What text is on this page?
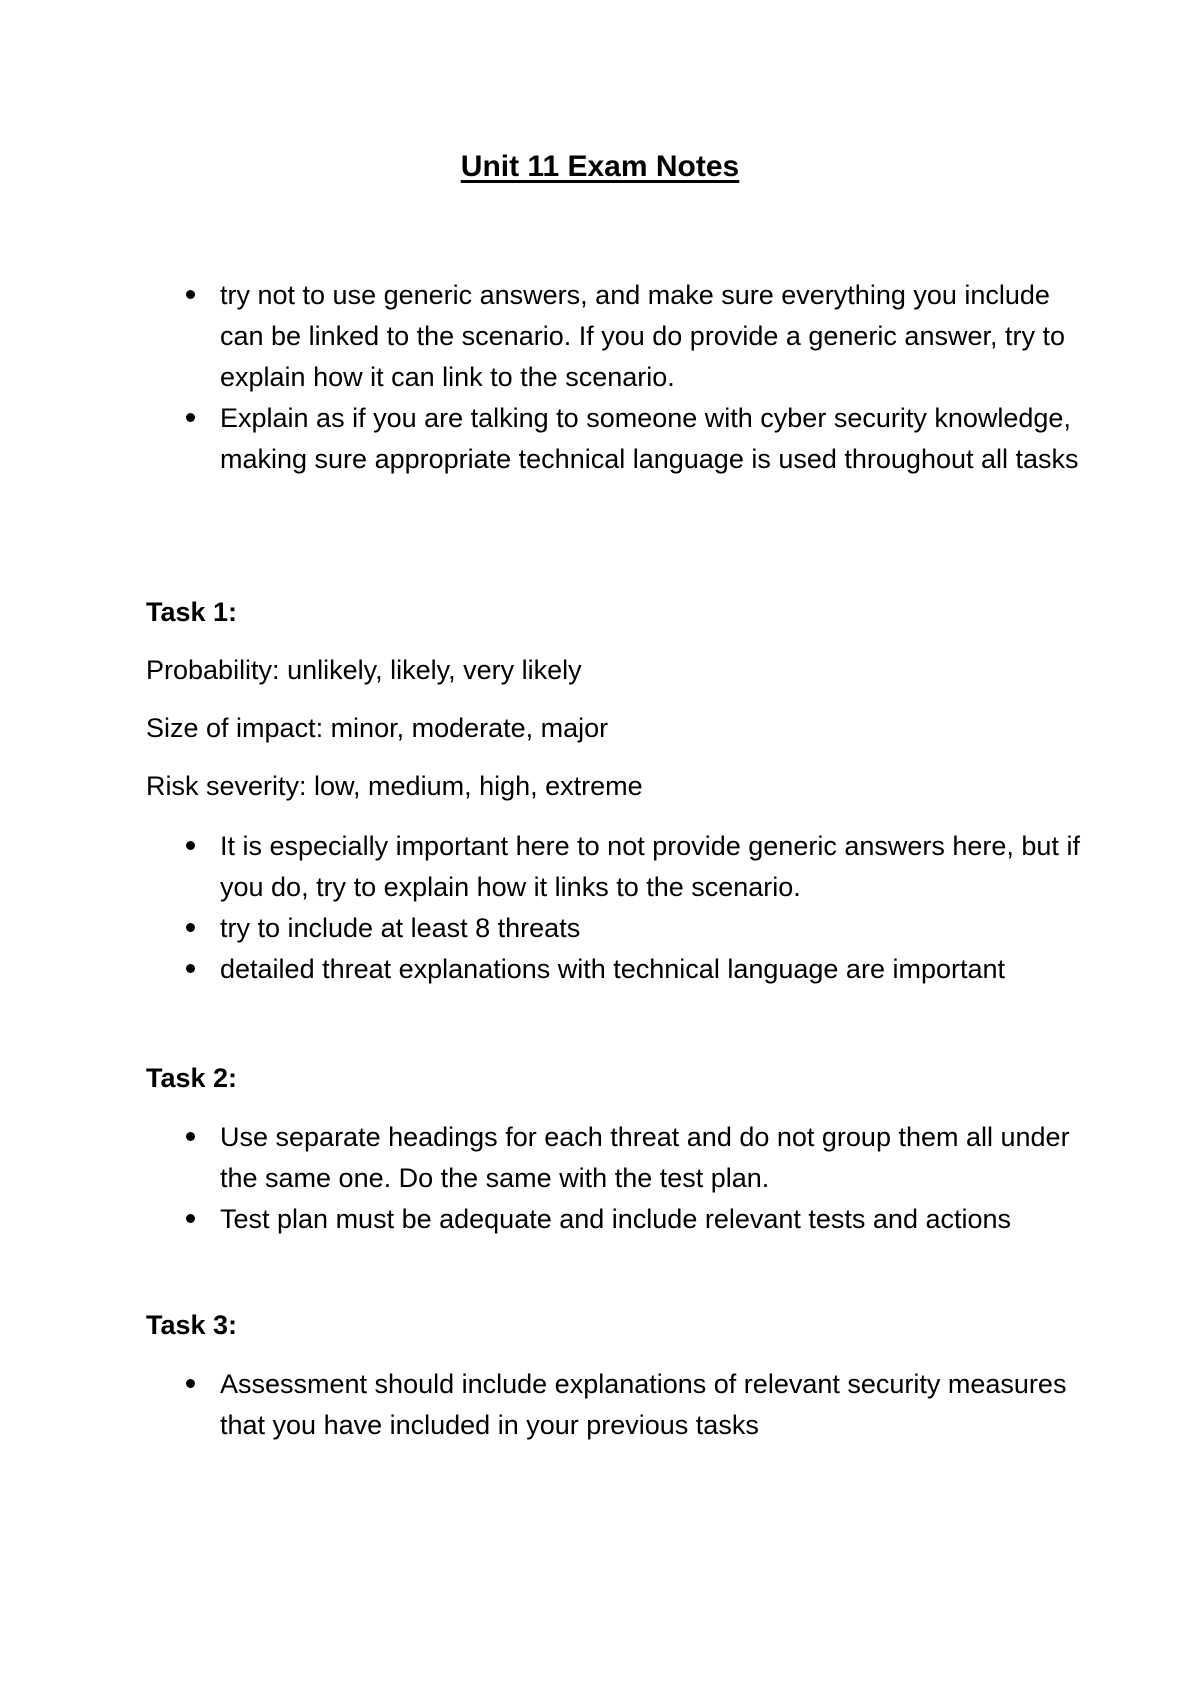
Unit 11 Exam Notes
try not to use generic answers, and make sure everything you include can be linked to the scenario. If you do provide a generic answer, try to explain how it can link to the scenario.
Explain as if you are talking to someone with cyber security knowledge, making sure appropriate technical language is used throughout all tasks
Task 1:
Probability: unlikely, likely, very likely
Size of impact: minor, moderate, major
Risk severity: low, medium, high, extreme
It is especially important here to not provide generic answers here, but if you do, try to explain how it links to the scenario.
try to include at least 8 threats
detailed threat explanations with technical language are important
Task 2:
Use separate headings for each threat and do not group them all under the same one. Do the same with the test plan.
Test plan must be adequate and include relevant tests and actions
Task 3:
Assessment should include explanations of relevant security measures that you have included in your previous tasks
